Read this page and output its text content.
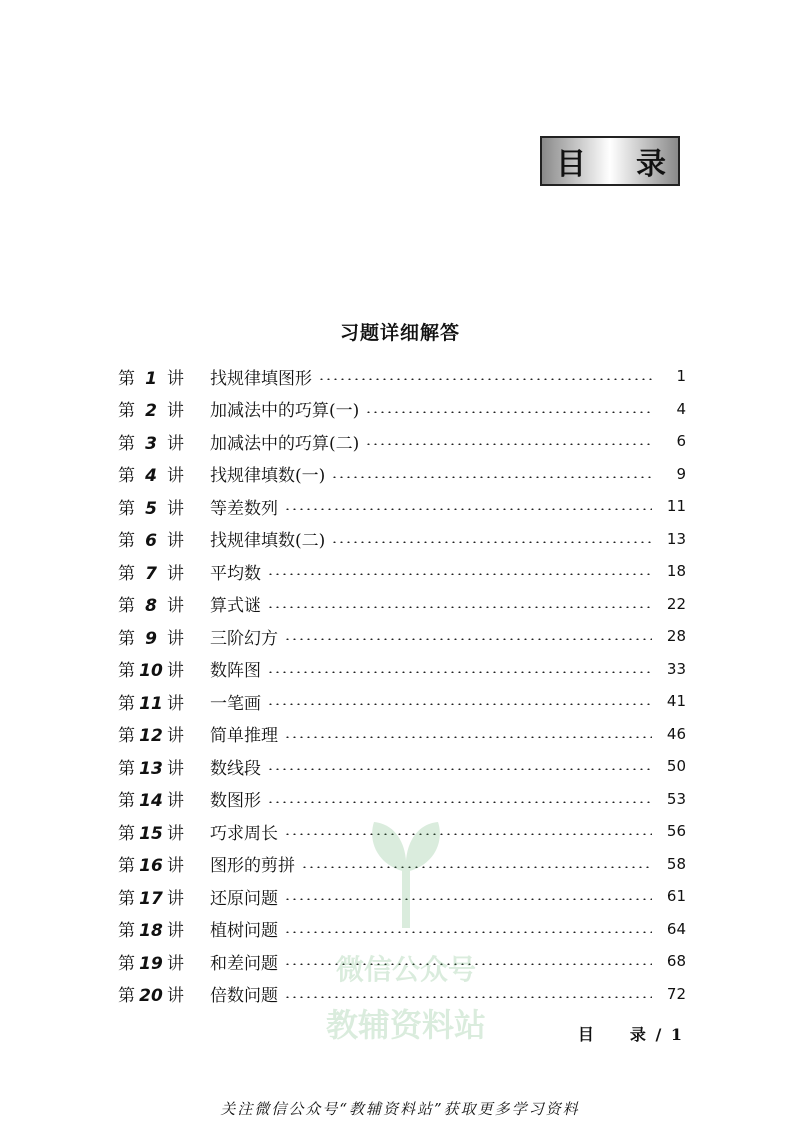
目 录
习题详细解答
第 1 讲 找规律填图形	1
第 2 讲 加减法中的巧算(一)	4
第 3 讲 加减法中的巧算(二)	6
第 4 讲 找规律填数(一)	9
第 5 讲 等差数列	11
第 6 讲 找规律填数(二)	13
第 7 讲 平均数	18
第 8 讲 算式谜	22
第 9 讲 三阶幻方	28
第 10 讲 数阵图	33
第 11 讲 一笔画	41
第 12 讲 简单推理	46
第 13 讲 数线段	50
第 14 讲 数图形	53
第 15 讲 巧求周长	56
第 16 讲 图形的剪拼	58
第 17 讲 还原问题	61
第 18 讲 植树问题	64
第 19 讲 和差问题	68
第 20 讲 倍数问题	72
微信公众号
教辅资料站	目 录 / 1
关注微信公众号“教辅资料站”获取更多学习资料
